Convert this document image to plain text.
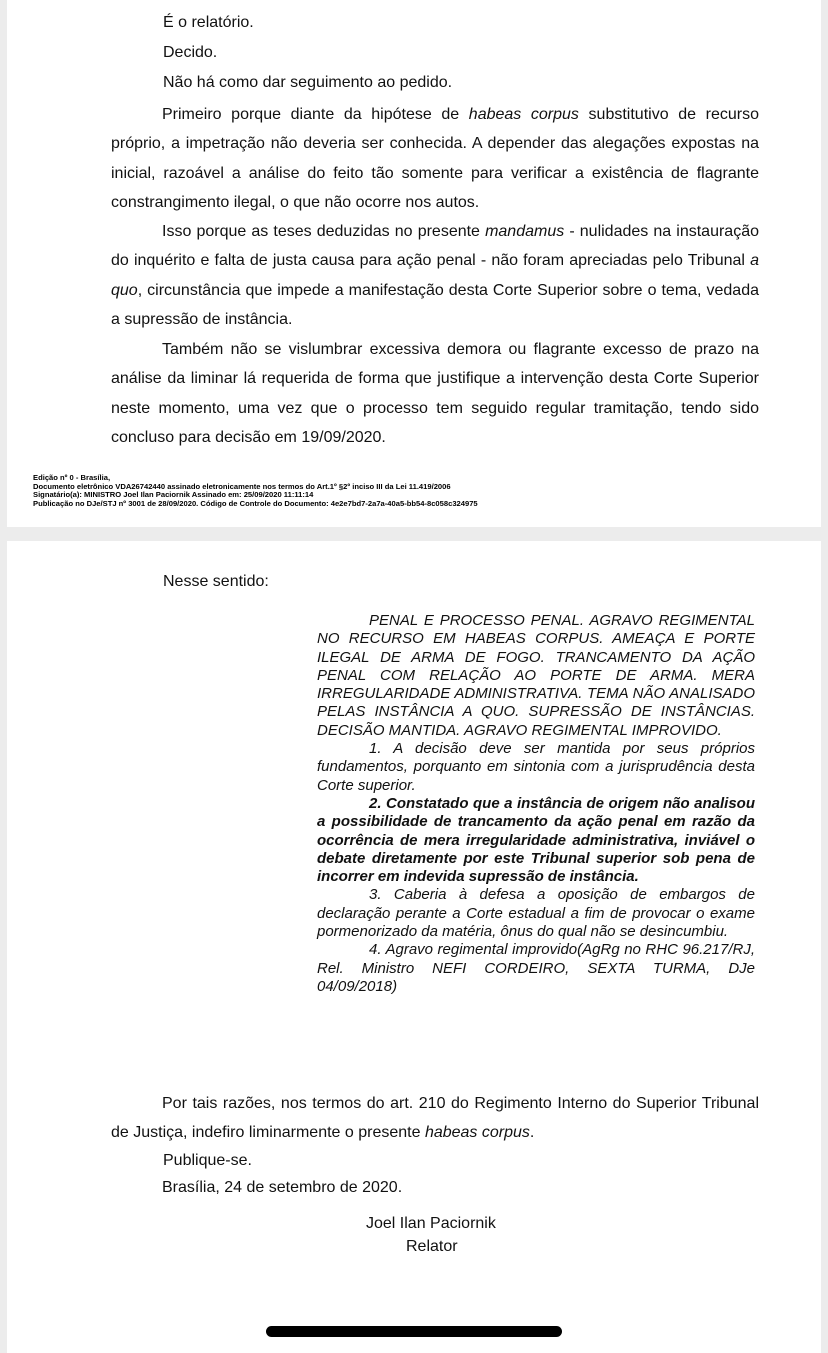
É o relatório.
Decido.
Não há como dar seguimento ao pedido.

Primeiro porque diante da hipótese de habeas corpus substitutivo de recurso próprio, a impetração não deveria ser conhecida. A depender das alegações expostas na inicial, razoável a análise do feito tão somente para verificar a existência de flagrante constrangimento ilegal, o que não ocorre nos autos.

Isso porque as teses deduzidas no presente mandamus - nulidades na instauração do inquérito e falta de justa causa para ação penal - não foram apreciadas pelo Tribunal a quo, circunstância que impede a manifestação desta Corte Superior sobre o tema, vedada a supressão de instância.

Também não se vislumbrar excessiva demora ou flagrante excesso de prazo na análise da liminar lá requerida de forma que justifique a intervenção desta Corte Superior neste momento, uma vez que o processo tem seguido regular tramitação, tendo sido concluso para decisão em 19/09/2020.

Edição nº 0 - Brasília,
Documento eletrônico VDA26742440 assinado eletronicamente nos termos do Art.1º §2º inciso III da Lei 11.419/2006
Signatário(a): MINISTRO Joel Ilan Paciornik Assinado em: 25/09/2020 11:11:14
Publicação no DJe/STJ nº 3001 de 28/09/2020. Código de Controle do Documento: 4e2e7bd7-2a7a-40a5-bb54-8c058c324975
Nesse sentido:

PENAL E PROCESSO PENAL. AGRAVO REGIMENTAL NO RECURSO EM HABEAS CORPUS. AMEAÇA E PORTE ILEGAL DE ARMA DE FOGO. TRANCAMENTO DA AÇÃO PENAL COM RELAÇÃO AO PORTE DE ARMA. MERA IRREGULARIDADE ADMINISTRATIVA. TEMA NÃO ANALISADO PELAS INSTÂNCIA A QUO. SUPRESSÃO DE INSTÂNCIAS. DECISÃO MANTIDA. AGRAVO REGIMENTAL IMPROVIDO.

1. A decisão deve ser mantida por seus próprios fundamentos, porquanto em sintonia com a jurisprudência desta Corte superior.

2. Constatado que a instância de origem não analisou a possibilidade de trancamento da ação penal em razão da ocorrência de mera irregularidade administrativa, inviável o debate diretamente por este Tribunal superior sob pena de incorrer em indevida supressão de instância.

3. Caberia à defesa a oposição de embargos de declaração perante a Corte estadual a fim de provocar o exame pormenorizado da matéria, ônus do qual não se desincumbiu.

4. Agravo regimental improvido(AgRg no RHC 96.217/RJ, Rel. Ministro NEFI CORDEIRO, SEXTA TURMA, DJe 04/09/2018)

Por tais razões, nos termos do art. 210 do Regimento Interno do Superior Tribunal de Justiça, indefiro liminarmente o presente habeas corpus.

Publique-se.
Brasília, 24 de setembro de 2020.
Joel Ilan Paciornik
Relator
